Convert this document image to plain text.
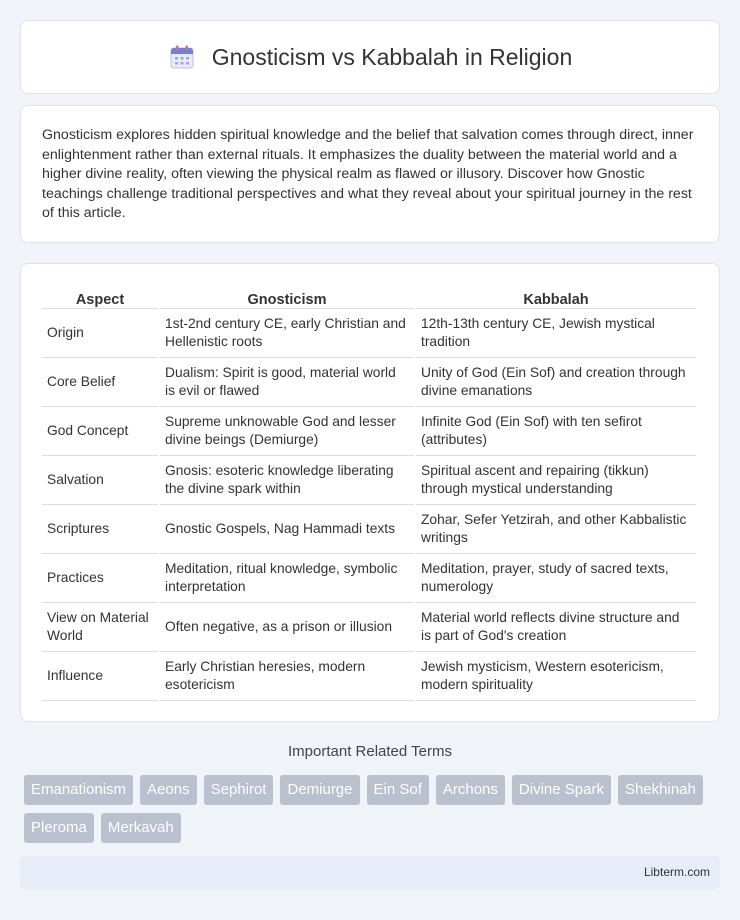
Gnosticism vs Kabbalah in Religion

Gnosticism explores hidden spiritual knowledge and the belief that salvation comes through direct, inner enlightenment rather than external rituals. It emphasizes the duality between the material world and a higher divine reality, often viewing the physical realm as flawed or illusory. Discover how Gnostic teachings challenge traditional perspectives and what they reveal about your spiritual journey in the rest of this article.

Aspect	Gnosticism	Kabbalah
Origin	1st-2nd century CE, early Christian and Hellenistic roots	12th-13th century CE, Jewish mystical tradition
Core Belief	Dualism: Spirit is good, material world is evil or flawed	Unity of God (Ein Sof) and creation through divine emanations
God Concept	Supreme unknowable God and lesser divine beings (Demiurge)	Infinite God (Ein Sof) with ten sefirot (attributes)
Salvation	Gnosis: esoteric knowledge liberating the divine spark within	Spiritual ascent and repairing (tikkun) through mystical understanding
Scriptures	Gnostic Gospels, Nag Hammadi texts	Zohar, Sefer Yetzirah, and other Kabbalistic writings
Practices	Meditation, ritual knowledge, symbolic interpretation	Meditation, prayer, study of sacred texts, numerology
View on Material World	Often negative, as a prison or illusion	Material world reflects divine structure and is part of God's creation
Influence	Early Christian heresies, modern esotericism	Jewish mysticism, Western esotericism, modern spirituality
Important Related Terms
Emanationism	Aeons	Sephirot	Demiurge	Ein Sof	Archons	Divine Spark	Shekhinah
Pleroma	Merkavah
Libterm.com
